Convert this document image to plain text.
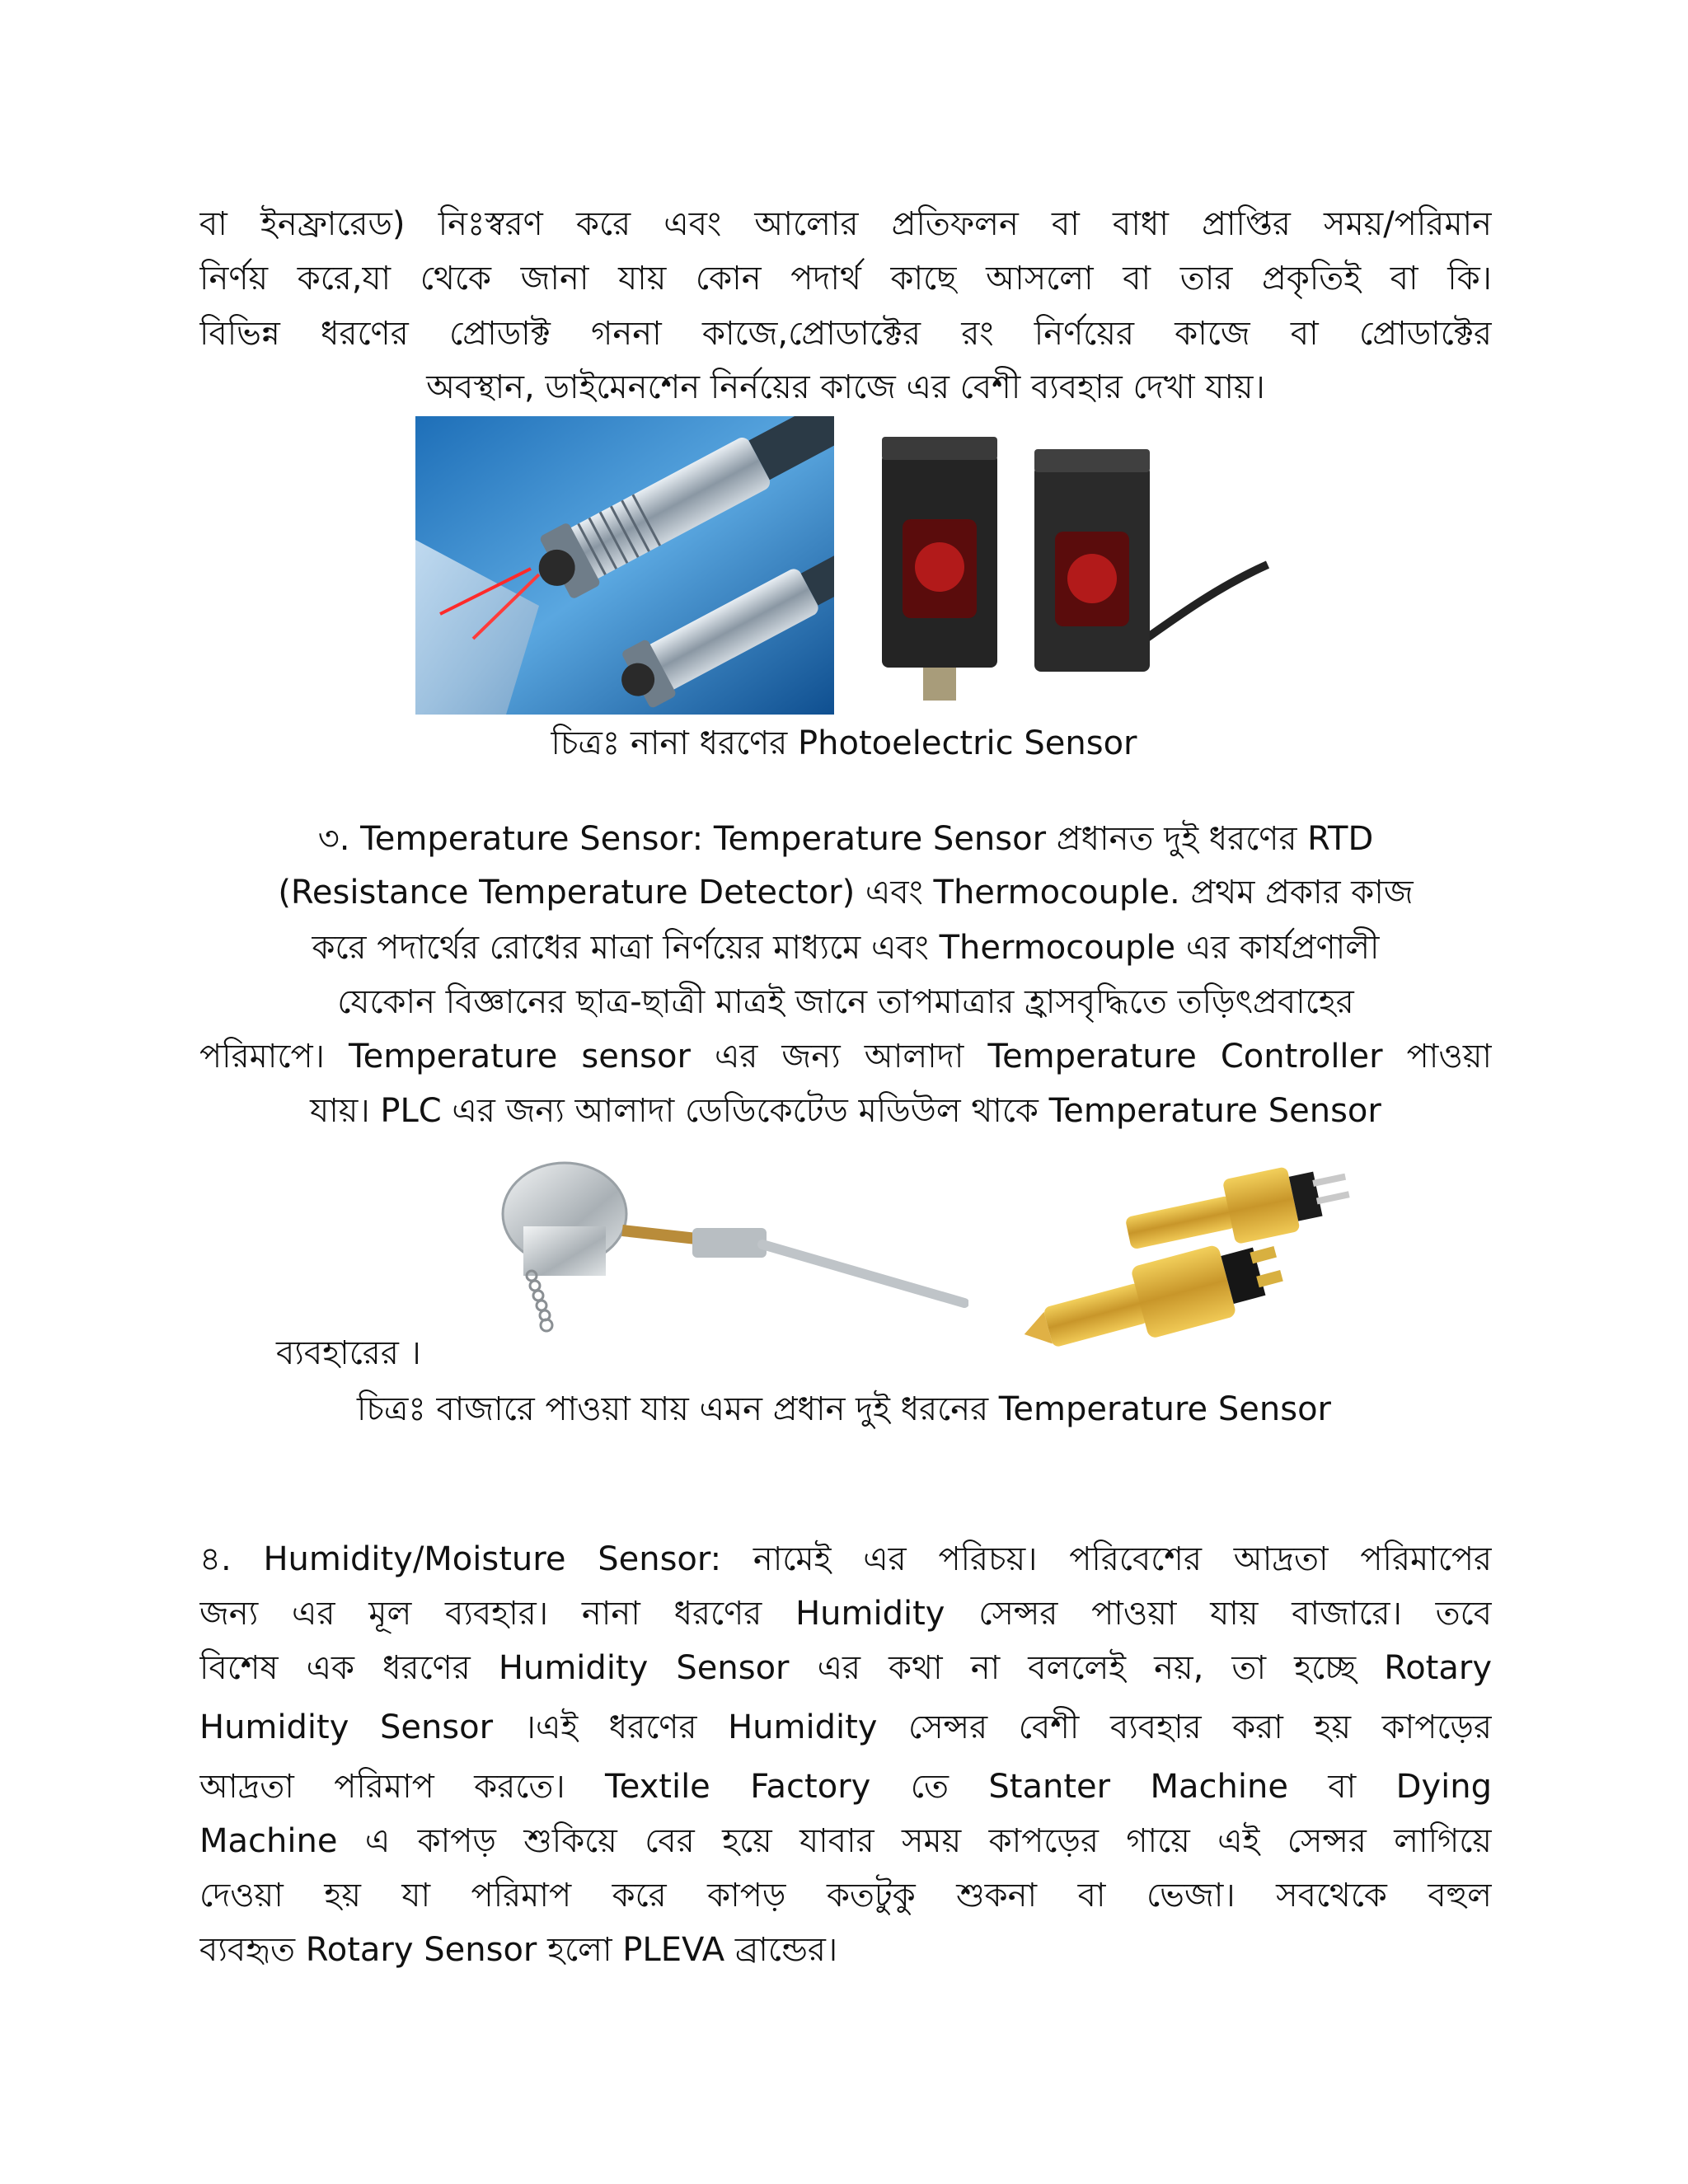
বা ইনফ্রারেড) নিঃস্বরণ করে এবং আলোর প্রতিফলন বা বাধা প্রাপ্তির সময়/পরিমান
নির্ণয় করে,যা থেকে জানা যায় কোন পদার্থ কাছে আসলো বা তার প্রকৃতিই বা কি।
বিভিন্ন ধরণের প্রোডাক্ট গননা কাজে,প্রোডাক্টের রং নির্ণয়ের কাজে বা প্রোডাক্টের
অবস্থান, ডাইমেনশেন নির্নয়ের কাজে এর বেশী ব্যবহার দেখা যায়।
চিত্রঃ নানা ধরণের Photoelectric Sensor
৩. Temperature Sensor: Temperature Sensor প্রধানত দুই ধরণের RTD
(Resistance Temperature Detector) এবং Thermocouple. প্রথম প্রকার কাজ
করে পদার্থের রোধের মাত্রা নির্ণয়ের মাধ্যমে এবং Thermocouple এর কার্যপ্রণালী
যেকোন বিজ্ঞানের ছাত্র-ছাত্রী মাত্রই জানে তাপমাত্রার হ্রাসবৃদ্ধিতে তড়িৎপ্রবাহের
পরিমাপে। Temperature sensor এর জন্য আলাদা Temperature Controller পাওয়া
যায়। PLC এর জন্য আলাদা ডেডিকেটেড মডিউল থাকে Temperature Sensor
ব্যবহারের ।
চিত্রঃ বাজারে পাওয়া যায় এমন প্রধান দুই ধরনের Temperature Sensor
৪. Humidity/Moisture Sensor: নামেই এর পরিচয়। পরিবেশের আদ্রতা পরিমাপের
জন্য এর মূল ব্যবহার। নানা ধরণের Humidity সেন্সর পাওয়া যায় বাজারে। তবে
বিশেষ এক ধরণের Humidity Sensor এর কথা না বললেই নয়, তা হচ্ছে Rotary
Humidity Sensor ।এই ধরণের Humidity সেন্সর বেশী ব্যবহার করা হয় কাপড়ের
আদ্রতা পরিমাপ করতে। Textile Factory তে Stanter Machine বা Dying
Machine এ কাপড় শুকিয়ে বের হয়ে যাবার সময় কাপড়ের গায়ে এই সেন্সর লাগিয়ে
দেওয়া হয় যা পরিমাপ করে কাপড় কতটুকু শুকনা বা ভেজা। সবথেকে বহুল
ব্যবহৃত Rotary Sensor হলো PLEVA ব্রান্ডের।
